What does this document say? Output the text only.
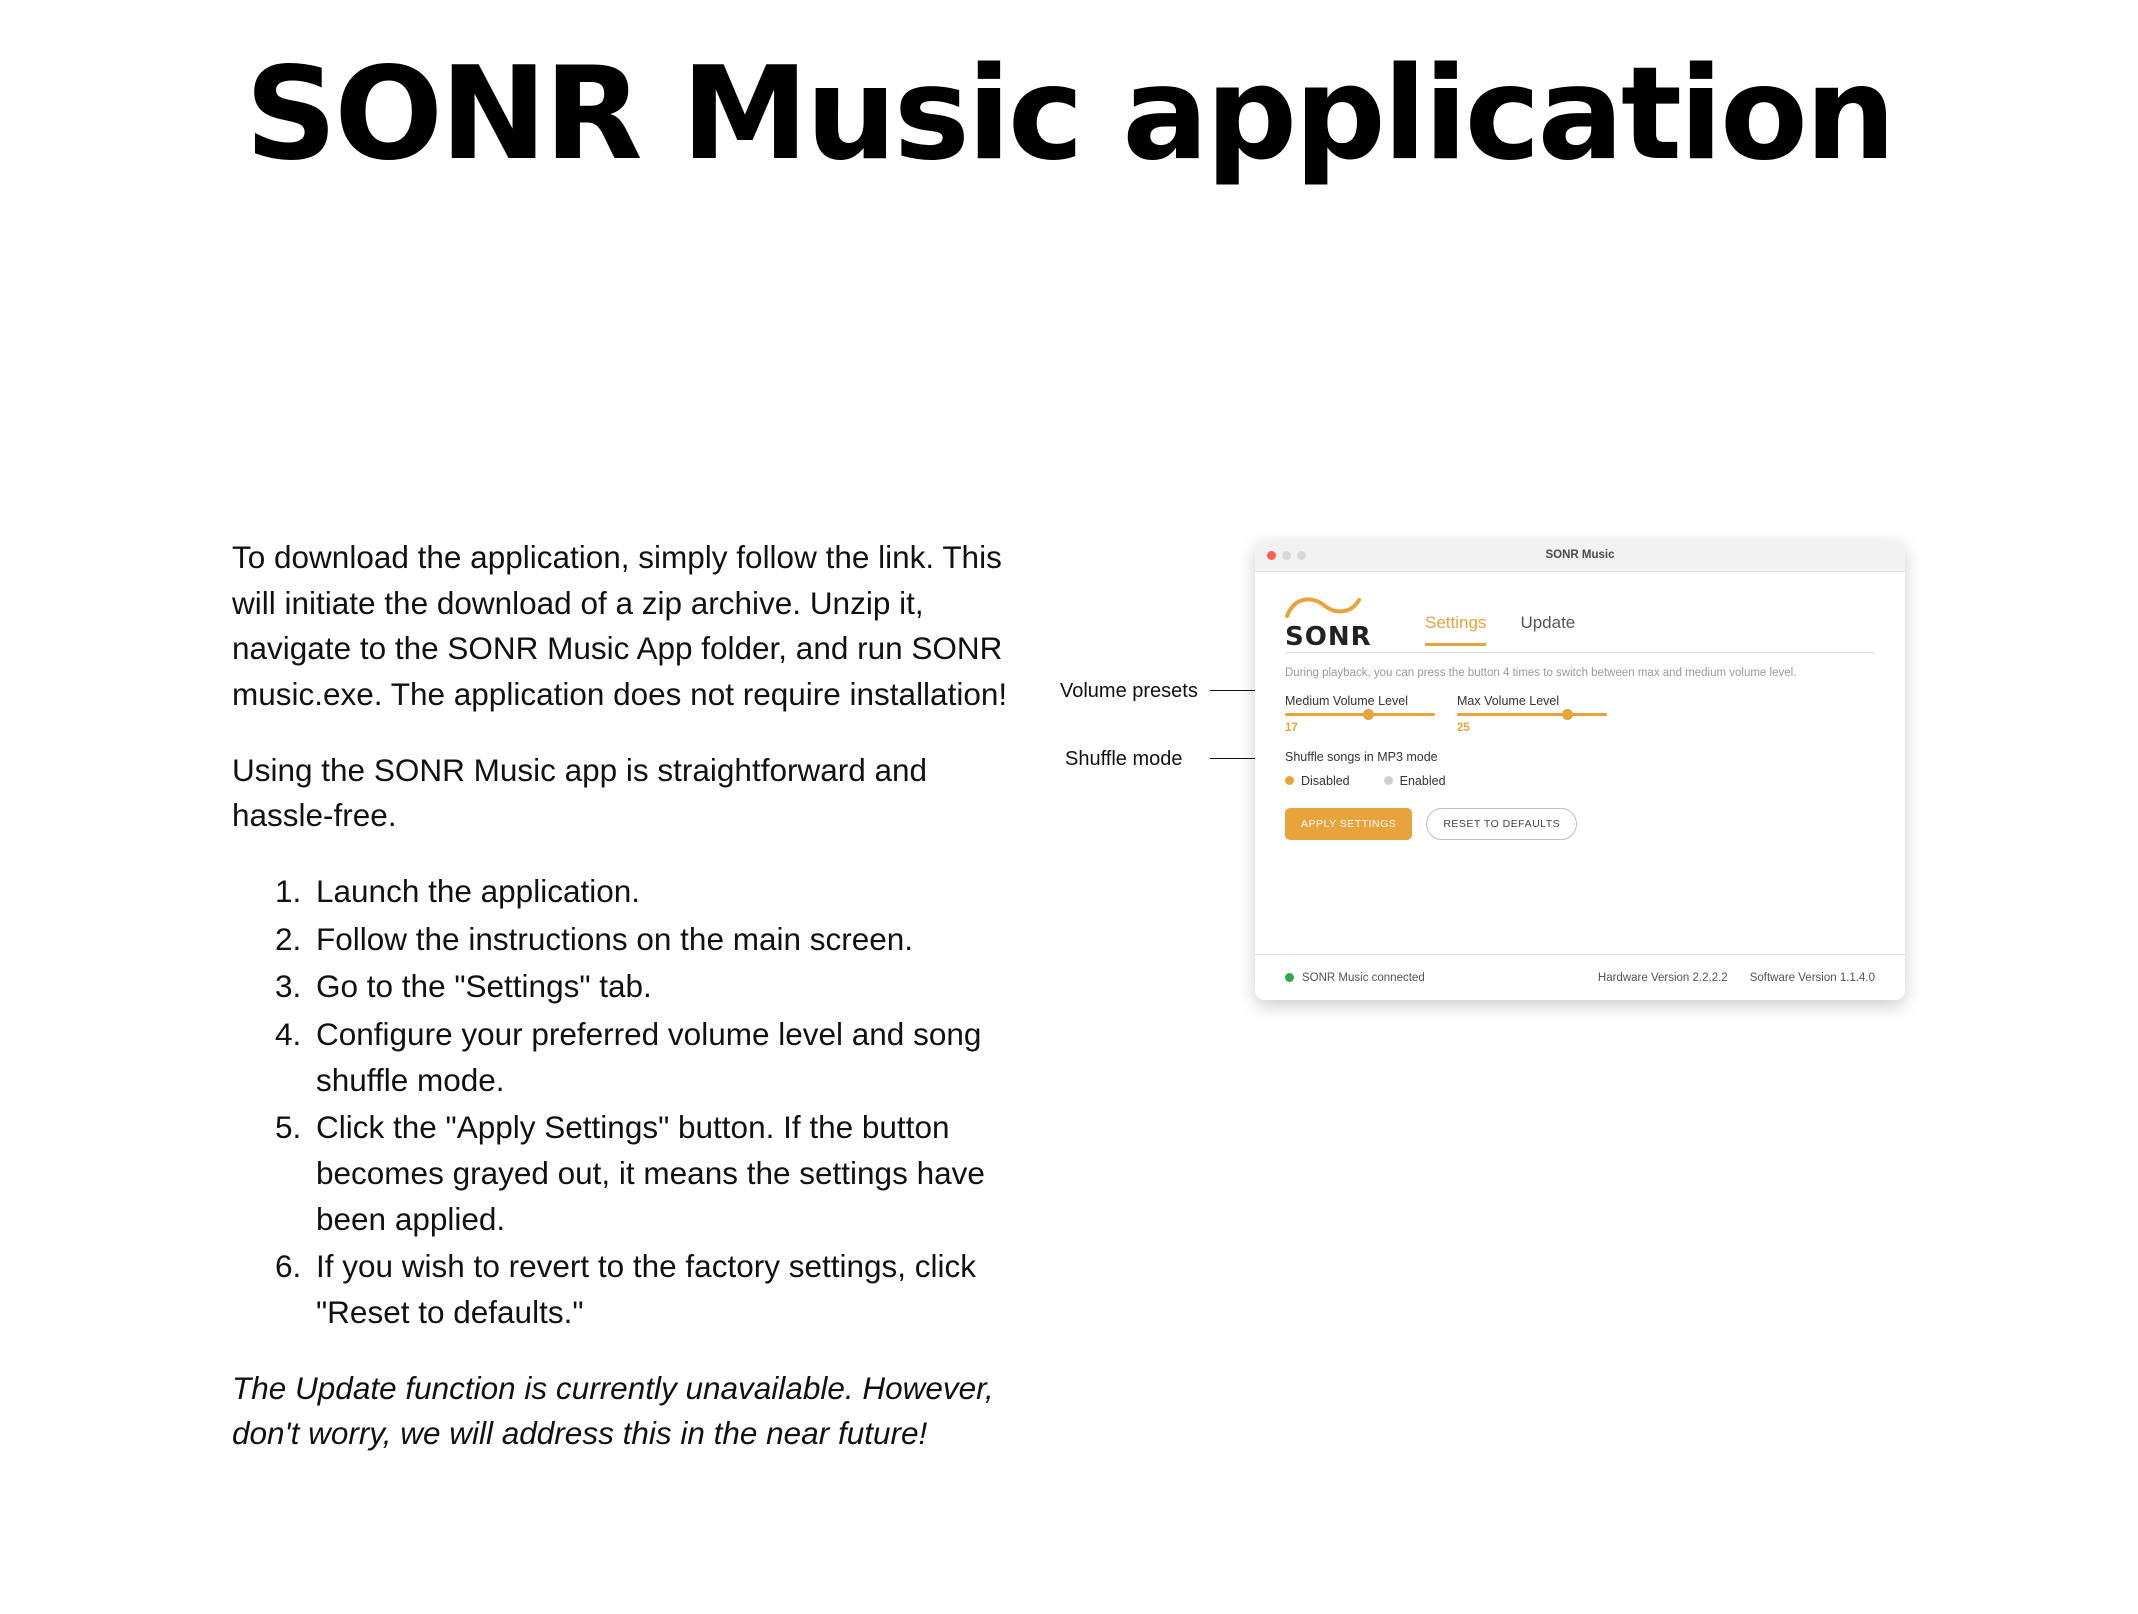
SONR Music application

To download the application, simply follow the link. This will initiate the download of a zip archive. Unzip it, navigate to the SONR Music App folder, and run SONR music.exe. The application does not require installation!

Using the SONR Music app is straightforward and hassle-free.

1. Launch the application.
2. Follow the instructions on the main screen.
3. Go to the "Settings" tab.
4. Configure your preferred volume level and song shuffle mode.
5. Click the "Apply Settings" button. If the button becomes grayed out, it means the settings have been applied.
6. If you wish to revert to the factory settings, click "Reset to defaults."

The Update function is currently unavailable. However, don't worry, we will address this in the near future!

Volume presets
Shuffle mode

SONR Music
SONR	Settings Update
During playback, you can press the button 4 times to switch between max and medium volume level.
Medium Volume Level
17
Max Volume Level
25
Shuffle songs in MP3 mode
Disabled	Enabled
APPLY SETTINGS	RESET TO DEFAULTS
SONR Music connected	Hardware Version 2.2.2.2 Software Version 1.1.4.0
